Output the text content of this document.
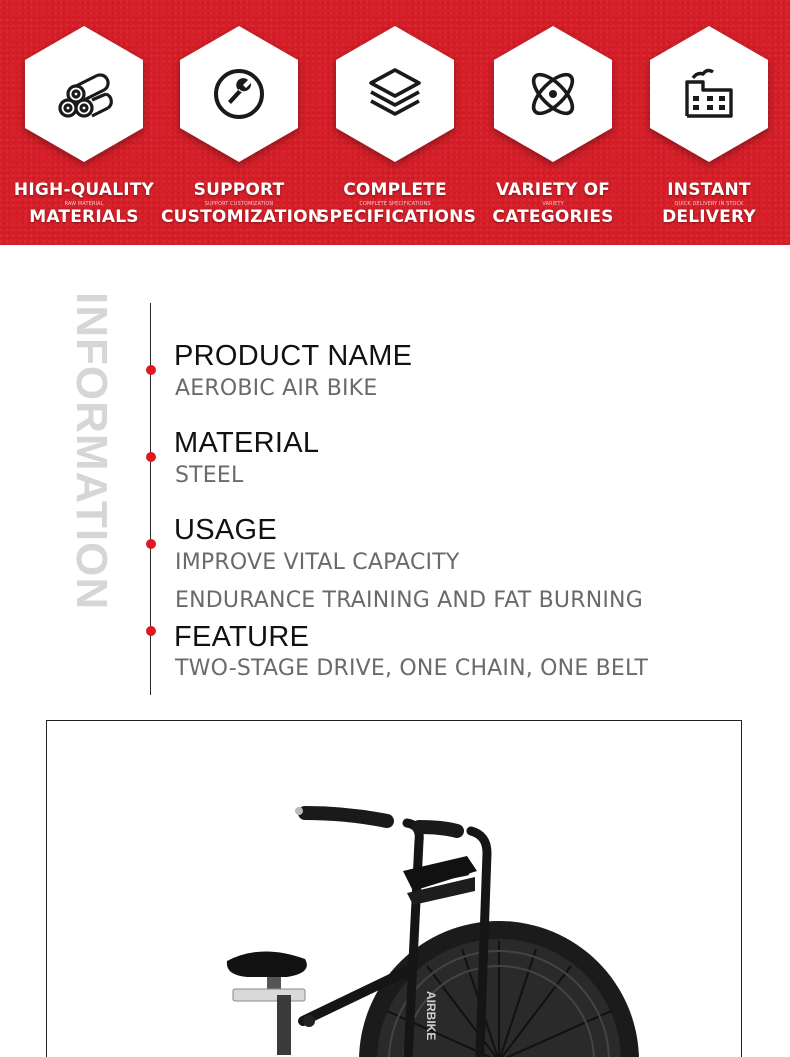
HIGH-QUALITY
RAW MATERIAL
MATERIALS
SUPPORT
SUPPORT CUSTOMIZATION
CUSTOMIZATION
COMPLETE
COMPLETE SPECIFICATIONS
SPECIFICATIONS
VARIETY OF
VARIETY
CATEGORIES
INSTANT
QUICK DELIVERY IN STOCK
DELIVERY
INFORMATION PRODUCT NAME
AEROBIC AIR BIKE
MATERIAL
STEEL
USAGE
IMPROVE VITAL CAPACITY
ENDURANCE TRAINING AND FAT BURNING
FEATURE
TWO-STAGE DRIVE, ONE CHAIN, ONE BELT
AIRBIKE
